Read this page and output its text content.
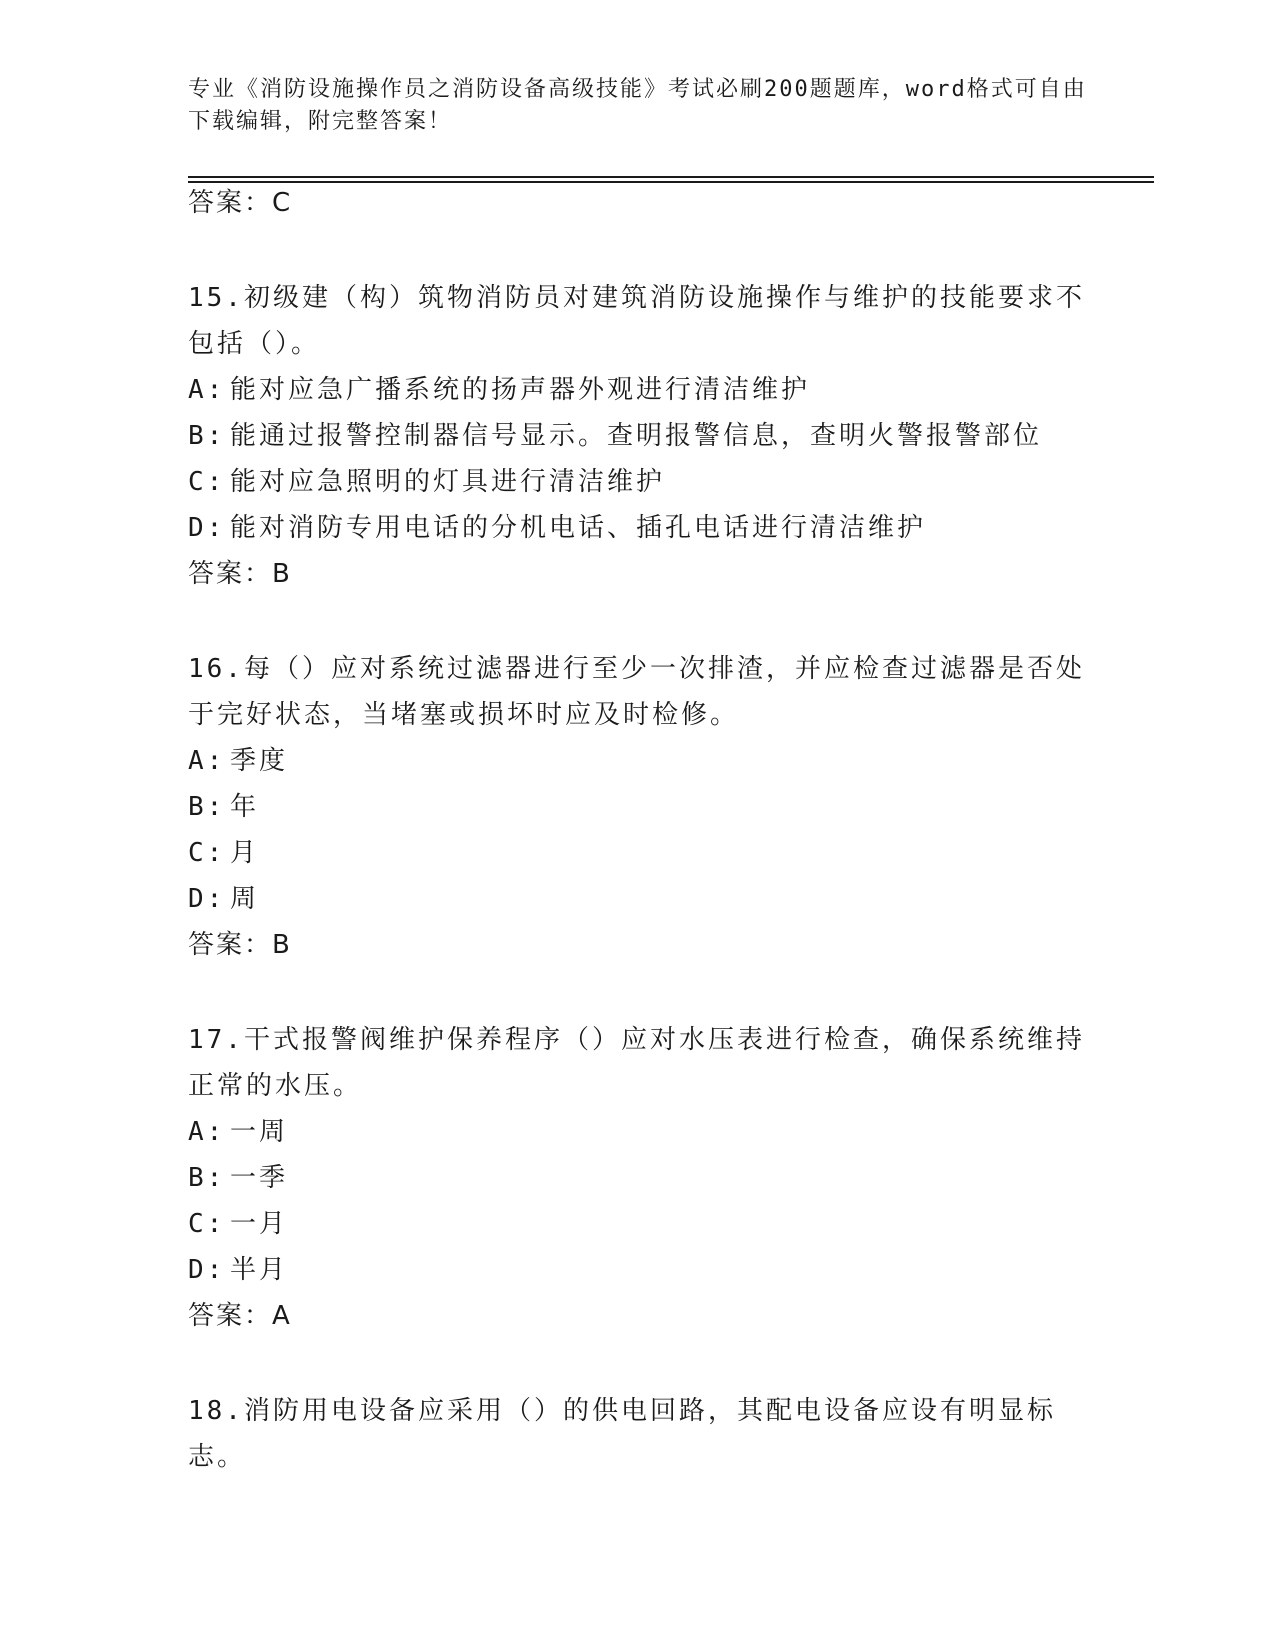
专业《消防设施操作员之消防设备高级技能》考试必刷200题题库，word格式可自由下载编辑，附完整答案！
答案：C
15.初级建（构）筑物消防员对建筑消防设施操作与维护的技能要求不包括（）。
A: 能对应急广播系统的扬声器外观进行清洁维护
B: 能通过报警控制器信号显示。查明报警信息，查明火警报警部位
C: 能对应急照明的灯具进行清洁维护
D: 能对消防专用电话的分机电话、插孔电话进行清洁维护
答案：B
16.每（）应对系统过滤器进行至少一次排渣，并应检查过滤器是否处于完好状态，当堵塞或损坏时应及时检修。
A: 季度
B: 年
C: 月
D: 周
答案：B
17.干式报警阀维护保养程序（）应对水压表进行检查，确保系统维持正常的水压。
A: 一周
B: 一季
C: 一月
D: 半月
答案：A
18.消防用电设备应采用（）的供电回路，其配电设备应设有明显标志。
